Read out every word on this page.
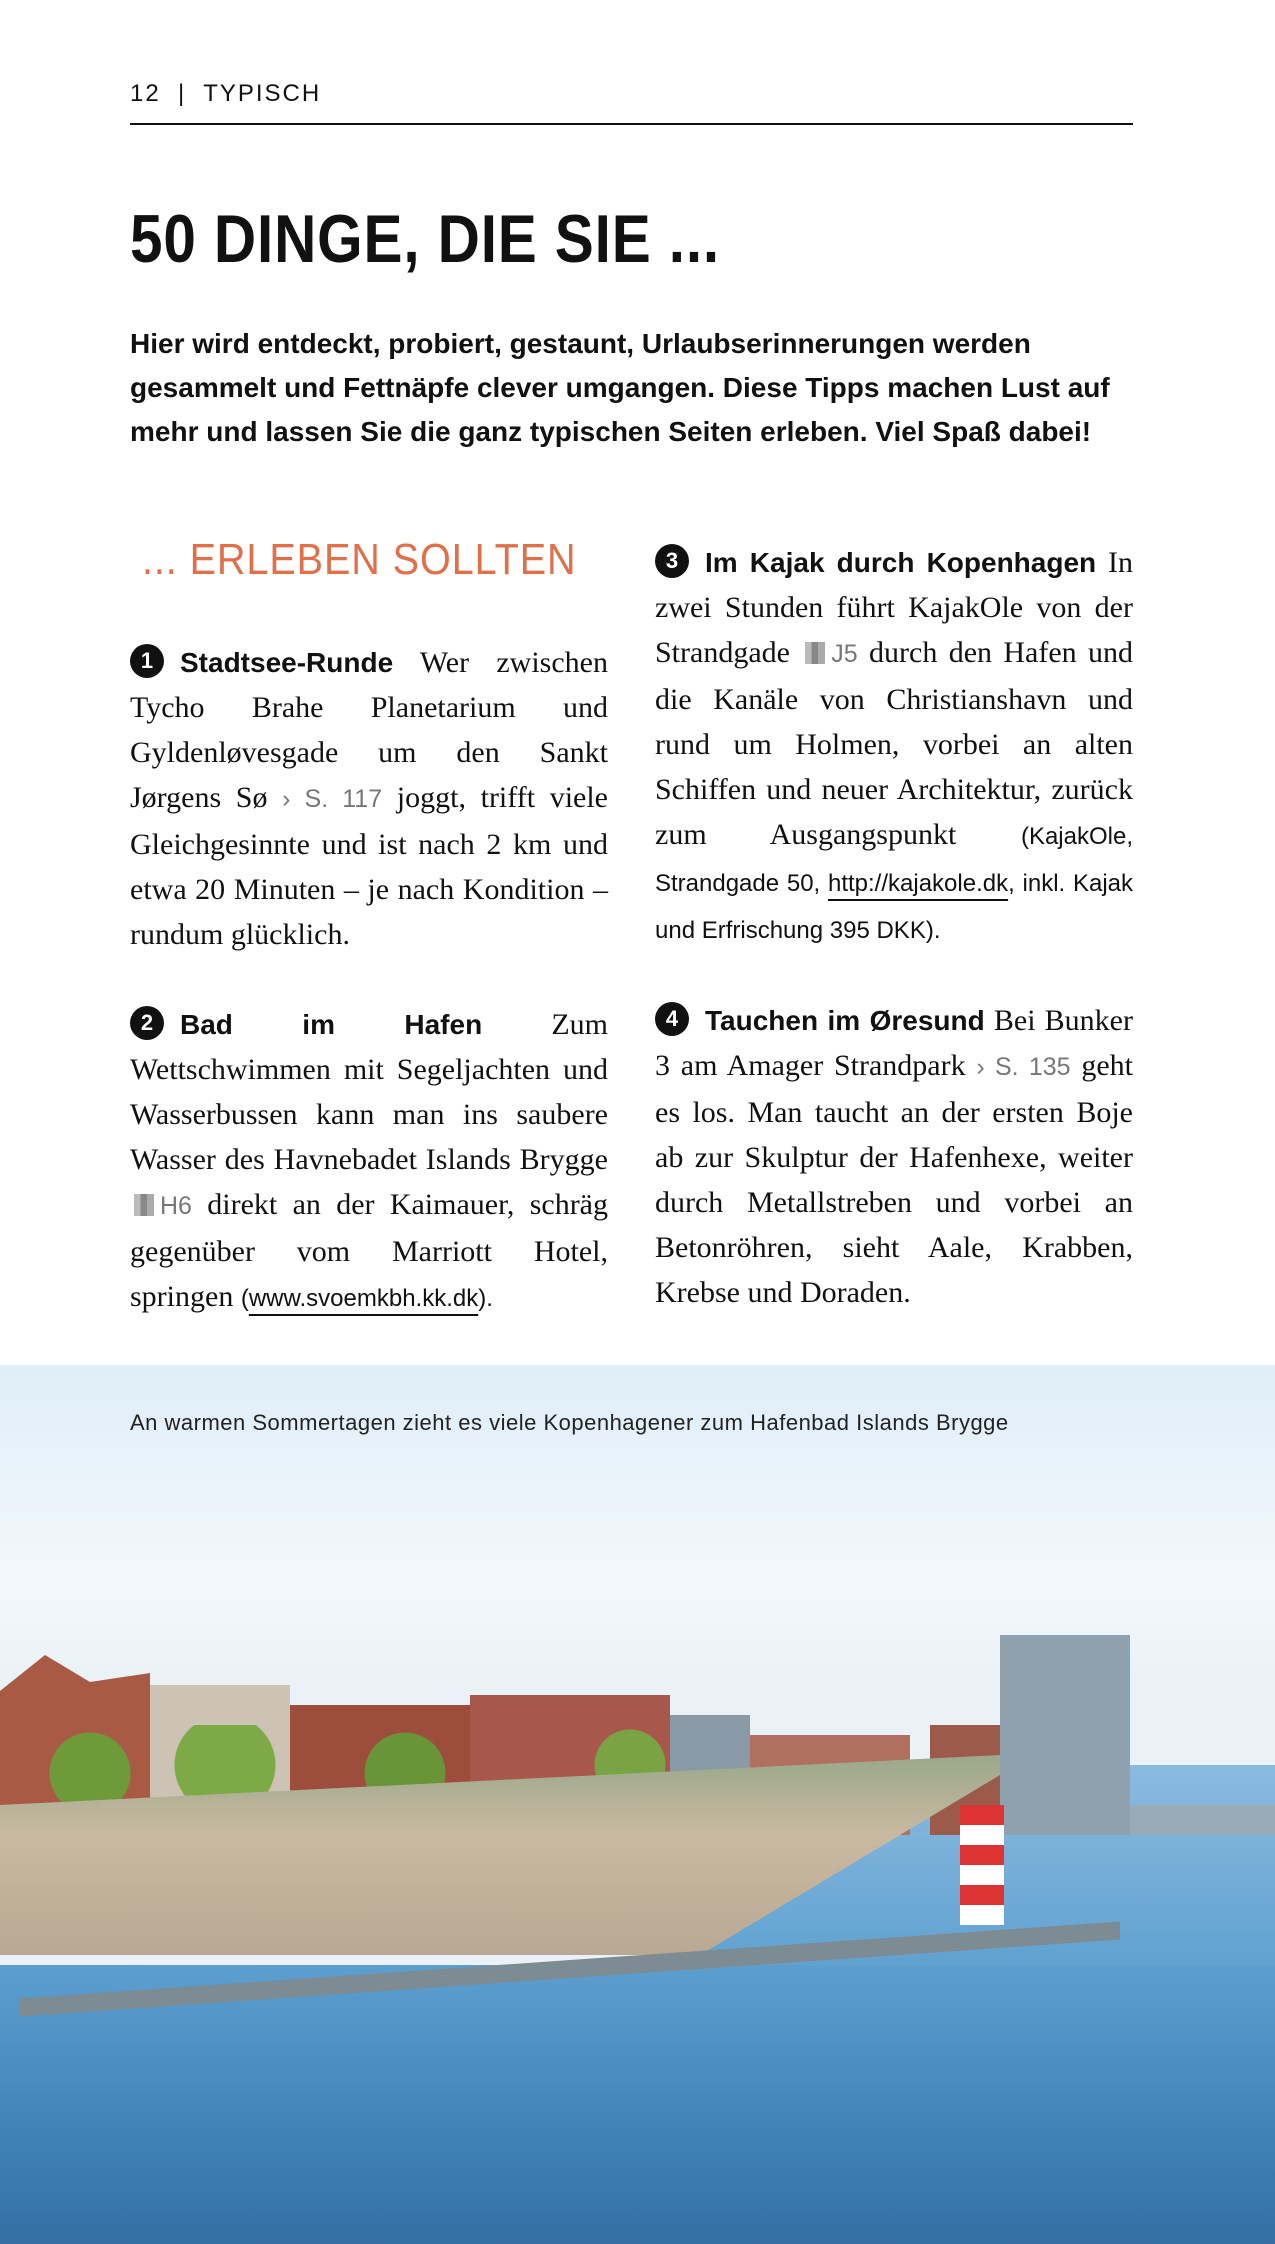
12  |  TYPISCH
50 DINGE, DIE SIE ...

Hier wird entdeckt, probiert, gestaunt, Urlaubserinnerungen werden gesammelt und Fettnäpfe clever umgangen. Diese Tipps machen Lust auf mehr und lassen Sie die ganz typischen Seiten erleben. Viel Spaß dabei!

... ERLEBEN SOLLTEN

1 Stadtsee-Runde Wer zwischen Tycho Brahe Planetarium und Gyldenløvesgade um den Sankt Jørgens Sø › S. 117 joggt, trifft viele Gleichgesinnte und ist nach 2 km und etwa 20 Minuten – je nach Kondition – rundum glücklich.

2 Bad im Hafen Zum Wettschwimmen mit Segeljachten und Wasserbussen kann man ins saubere Wasser des Havnebadet Islands Brygge H6 direkt an der Kaimauer, schräg gegenüber vom Marriott Hotel, springen (www.svoemkbh.kk.dk).

3 Im Kajak durch Kopenhagen In zwei Stunden führt KajakOle von der Strandgade J5 durch den Hafen und die Kanäle von Christianshavn und rund um Holmen, vorbei an alten Schiffen und neuer Architektur, zurück zum Ausgangspunkt (KajakOle, Strandgade 50, http://kajakole.dk, inkl. Kajak und Erfrischung 395 DKK).

4 Tauchen im Øresund Bei Bunker 3 am Amager Strandpark › S. 135 geht es los. Man taucht an der ersten Boje ab zur Skulptur der Hafenhexe, weiter durch Metallstreben und vorbei an Betonröhren, sieht Aale, Krabben, Krebse und Doraden.

An warmen Sommertagen zieht es viele Kopenhagener zum Hafenbad Islands Brygge
